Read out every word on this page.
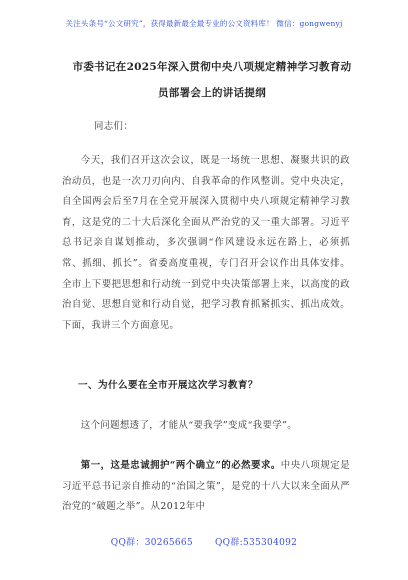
关注头条号“公文研究”，获得最新最全最专业的公文资料库！ 微信：gongwenyj
市委书记在2025年深入贯彻中央八项规定精神学习教育动
员部署会上的讲话提纲
同志们：
今天，我们召开这次会议，既是一场统一思想、凝聚共识的政治动员，也是一次刀刃向内、自我革命的作风整训。党中央决定，自全国两会后至7月在全党开展深入贯彻中央八项规定精神学习教育，这是党的二十大后深化全面从严治党的又一重大部署。习近平总书记亲自谋划推动，多次强调“作风建设永远在路上，必须抓常、抓细、抓长”。省委高度重视，专门召开会议作出具体安排。全市上下要把思想和行动统一到党中央决策部署上来，以高度的政治自觉、思想自觉和行动自觉，把学习教育抓紧抓实、抓出成效。下面，我讲三个方面意见。
一、为什么要在全市开展这次学习教育？
这个问题想透了，才能从“要我学”变成“我要学”。
第一，这是忠诚拥护“两个确立”的必然要求。中央八项规定是习近平总书记亲自推动的“治国之策”，是党的十八大以来全面从严治党的“破题之举”。从2012年中
QQ群：30265665 QQ群:535304092
